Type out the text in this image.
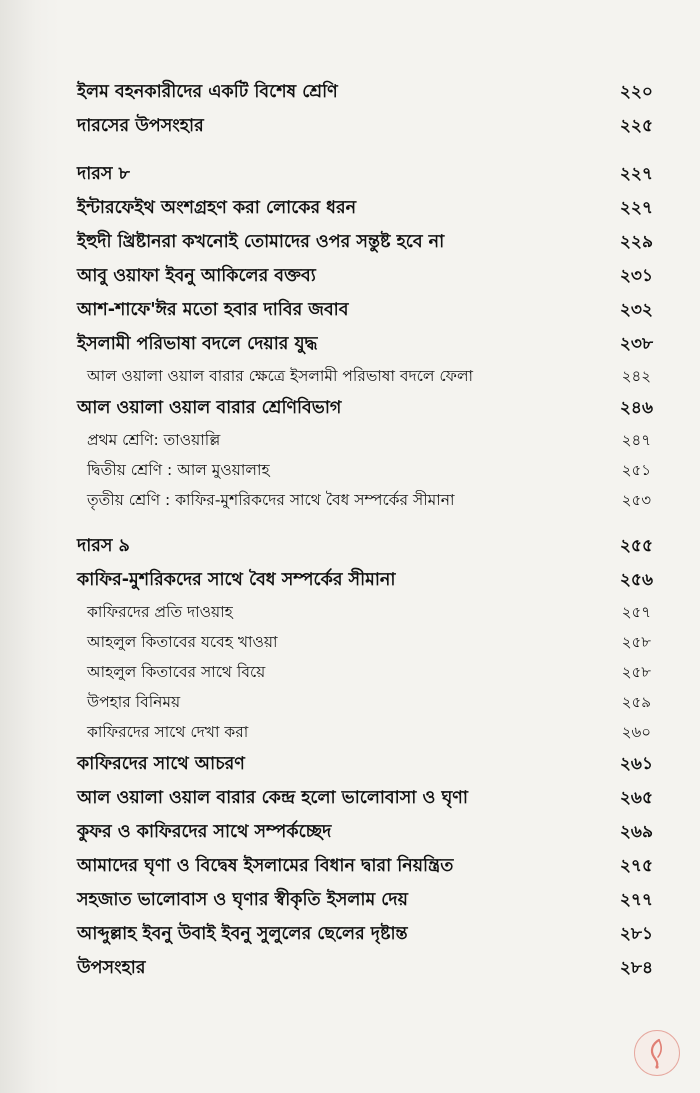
ইলম বহনকারীদের একটি বিশেষ শ্রেণি	২২০
দারসের উপসংহার	২২৫
দারস ৮	২২৭
ইন্টারফেইথ অংশগ্রহণ করা লোকের ধরন	২২৭
ইহুদী খ্রিষ্টানরা কখনোই তোমাদের ওপর সন্তুষ্ট হবে না	২২৯
আবু ওয়াফা ইবনু আকিলের বক্তব্য	২৩১
আশ-শাফে'ঈর মতো হবার দাবির জবাব	২৩২
ইসলামী পরিভাষা বদলে দেয়ার যুদ্ধ	২৩৮
আল ওয়ালা ওয়াল বারার ক্ষেত্রে ইসলামী পরিভাষা বদলে ফেলা	২৪২
আল ওয়ালা ওয়াল বারার শ্রেণিবিভাগ	২৪৬
প্রথম শ্রেণি: তাওয়াল্লি	২৪৭
দ্বিতীয় শ্রেণি : আল মুওয়ালাহ	২৫১
তৃতীয় শ্রেণি : কাফির-মুশরিকদের সাথে বৈধ সম্পর্কের সীমানা	২৫৩
দারস ৯	২৫৫
কাফির-মুশরিকদের সাথে বৈধ সম্পর্কের সীমানা	২৫৬
কাফিরদের প্রতি দাওয়াহ	২৫৭
আহলুল কিতাবের যবেহ খাওয়া	২৫৮
আহলুল কিতাবের সাথে বিয়ে	২৫৮
উপহার বিনিময়	২৫৯
কাফিরদের সাথে দেখা করা	২৬০
কাফিরদের সাথে আচরণ	২৬১
আল ওয়ালা ওয়াল বারার কেন্দ্র হলো ভালোবাসা ও ঘৃণা	২৬৫
কুফর ও কাফিরদের সাথে সম্পর্কচ্ছেদ	২৬৯
আমাদের ঘৃণা ও বিদ্বেষ ইসলামের বিধান দ্বারা নিয়ন্ত্রিত	২৭৫
সহজাত ভালোবাস ও ঘৃণার স্বীকৃতি ইসলাম দেয়	২৭৭
আব্দুল্লাহ ইবনু উবাই ইবনু সুলুলের ছেলের দৃষ্টান্ত	২৮১
উপসংহার	২৮৪
